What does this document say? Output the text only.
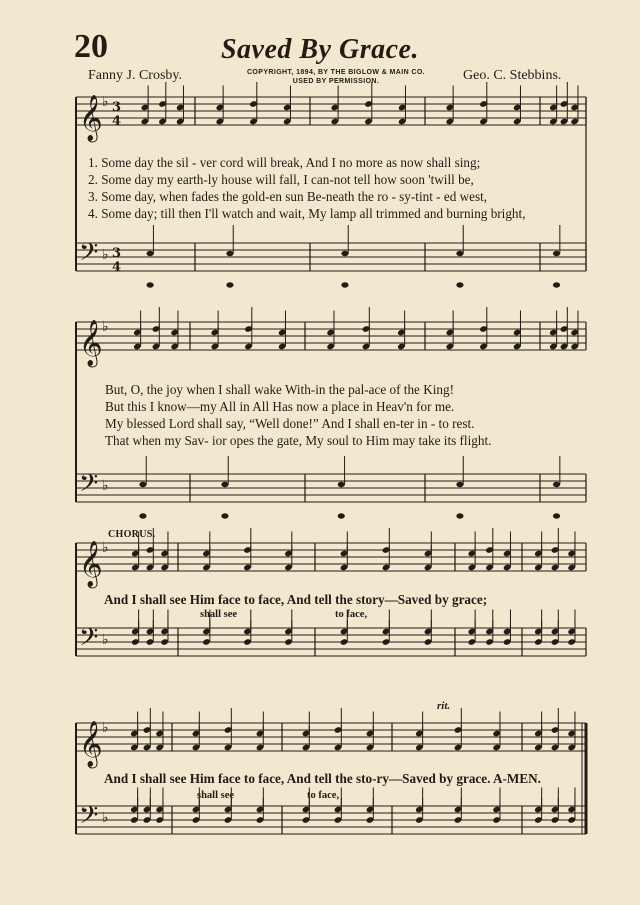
20	Saved By Grace.
Fanny J. Crosby.	COPYRIGHT, 1894, BY THE BIGLOW & MAIN CO.
USED BY PERMISSION.	Geo. C. Stebbins.
𝄞
𝄢
♭
♭
3
4
3
4
𝄞
𝄢
♭
♭
𝄞
𝄢
♭
♭
𝄞
𝄢
♭
♭
1. Some day the sil - ver cord will break, And I no more as now shall sing;
2. Some day my earth-ly house will fall, I can-not tell how soon 'twill be,
3. Some day, when fades the gold-en sun Be-neath the ro - sy-tint - ed west,
4. Some day; till then I'll watch and wait, My lamp all trimmed and burning bright,
But, O, the joy when I shall wake With-in the pal-ace of the King!
But this I know—my All in All Has now a place in Heav'n for me.
My blessed Lord shall say, “Well done!” And I shall en-ter in - to rest.
That when my Sav- ior opes the gate, My soul to Him may take its flight.
CHORUS.
And I shall see Him face to face, And tell the story—Saved by grace;
shall see	to face,
rit.
And I shall see Him face to face, And tell the sto-ry—Saved by grace. A-MEN.
shall see	to face,
